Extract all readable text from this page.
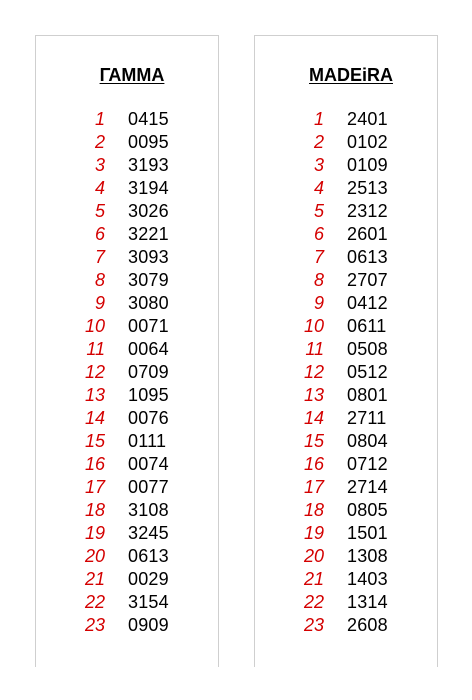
ΓΑΜΜΑ
1 0415
2 0095
3 3193
4 3194
5 3026
6 3221
7 3093
8 3079
9 3080
10 0071
11 0064
12 0709
13 1095
14 0076
15 0111
16 0074
17 0077
18 3108
19 3245
20 0613
21 0029
22 3154
23 0909
MADEiRA
1 2401
2 0102
3 0109
4 2513
5 2312
6 2601
7 0613
8 2707
9 0412
10 0611
11 0508
12 0512
13 0801
14 2711
15 0804
16 0712
17 2714
18 0805
19 1501
20 1308
21 1403
22 1314
23 2608
